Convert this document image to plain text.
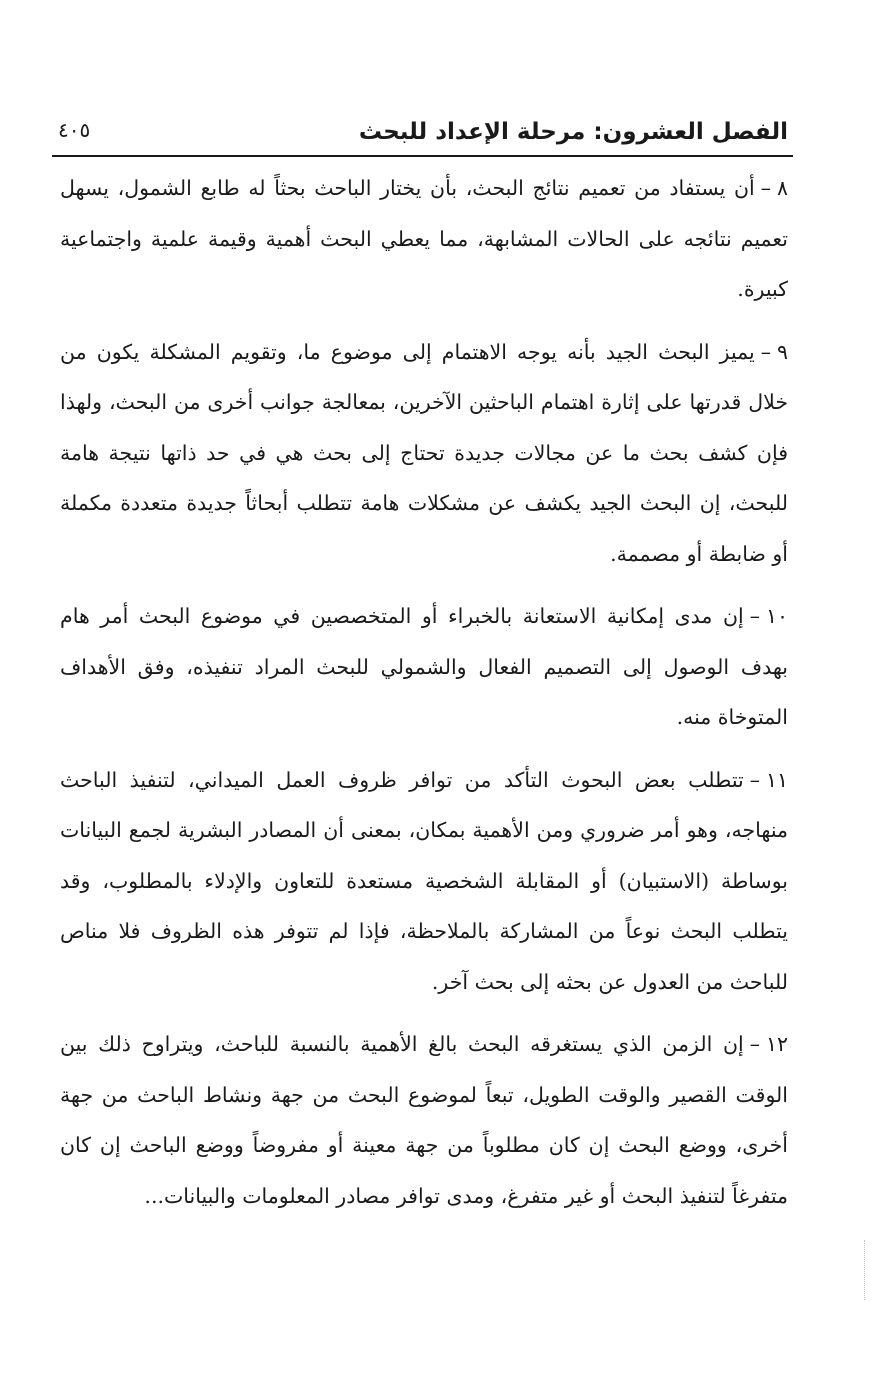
الفصل العشرون: مرحلة الإعداد للبحث
٤٠٥

٨–أن يستفاد من تعميم نتائج البحث، بأن يختار الباحث بحثاً له طابع الشمول، يسهل تعميم نتائجه على الحالات المشابهة، مما يعطي البحث أهمية وقيمة علمية واجتماعية كبيرة.

٩–يميز البحث الجيد بأنه يوجه الاهتمام إلى موضوع ما، وتقويم المشكلة يكون من خلال قدرتها على إثارة اهتمام الباحثين الآخرين، بمعالجة جوانب أخرى من البحث، ولهذا فإن كشف بحث ما عن مجالات جديدة تحتاج إلى بحث هي في حد ذاتها نتيجة هامة للبحث، إن البحث الجيد يكشف عن مشكلات هامة تتطلب أبحاثاً جديدة متعددة مكملة أو ضابطة أو مصممة.

١٠–إن مدى إمكانية الاستعانة بالخبراء أو المتخصصين في موضوع البحث أمر هام بهدف الوصول إلى التصميم الفعال والشمولي للبحث المراد تنفيذه، وفق الأهداف المتوخاة منه.

١١–تتطلب بعض البحوث التأكد من توافر ظروف العمل الميداني، لتنفيذ الباحث منهاجه، وهو أمر ضروري ومن الأهمية بمكان، بمعنى أن المصادر البشرية لجمع البيانات بوساطة (الاستبيان) أو المقابلة الشخصية مستعدة للتعاون والإدلاء بالمطلوب، وقد يتطلب البحث نوعاً من المشاركة بالملاحظة، فإذا لم تتوفر هذه الظروف فلا مناص للباحث من العدول عن بحثه إلى بحث آخر.

١٢–إن الزمن الذي يستغرقه البحث بالغ الأهمية بالنسبة للباحث، ويتراوح ذلك بين الوقت القصير والوقت الطويل، تبعاً لموضوع البحث من جهة ونشاط الباحث من جهة أخرى، ووضع البحث إن كان مطلوباً من جهة معينة أو مفروضاً ووضع الباحث إن كان متفرغاً لتنفيذ البحث أو غير متفرغ، ومدى توافر مصادر المعلومات والبيانات...
